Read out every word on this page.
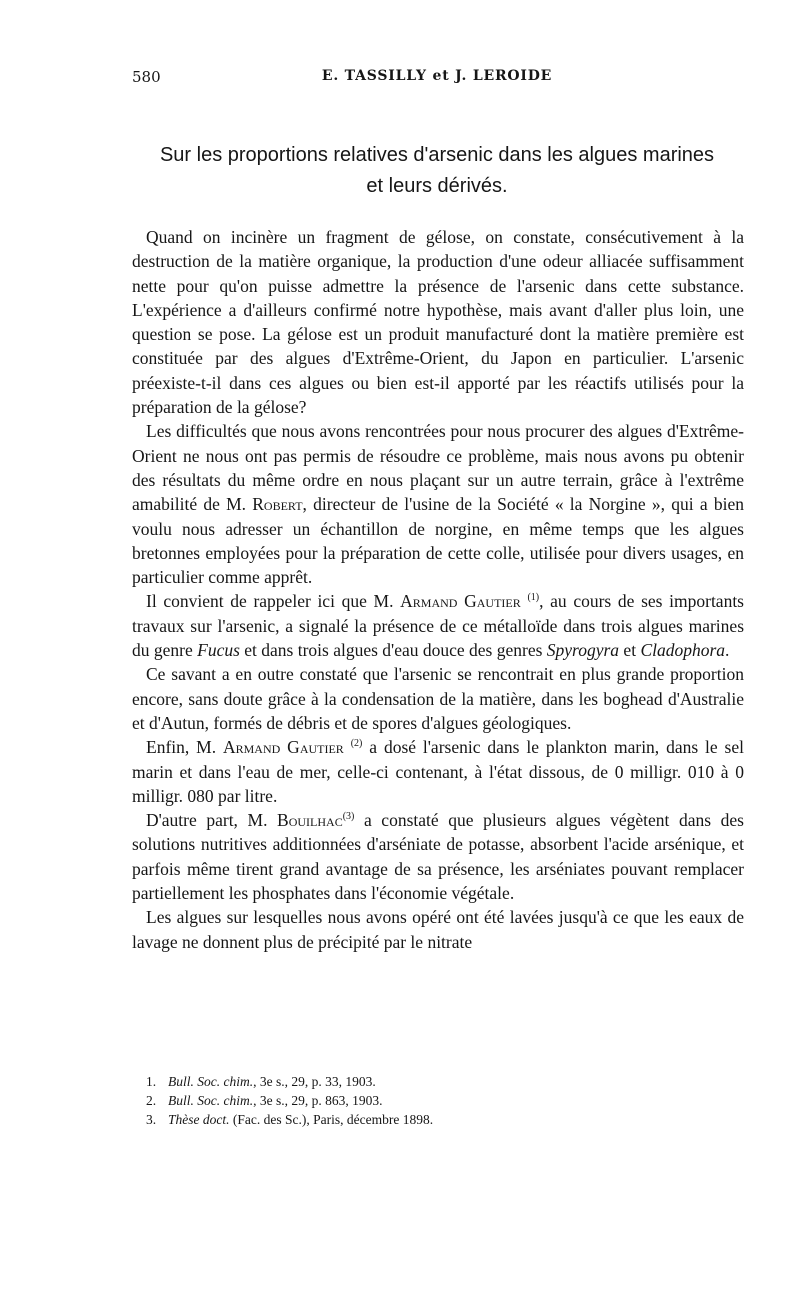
580	E. TASSILLY et J. LEROIDE
Sur les proportions relatives d'arsenic dans les algues marines
et leurs dérivés.

Quand on incinère un fragment de gélose, on constate, consécutivement à la destruction de la matière organique, la production d'une odeur alliacée suffisamment nette pour qu'on puisse admettre la présence de l'arsenic dans cette substance. L'expérience a d'ailleurs confirmé notre hypothèse, mais avant d'aller plus loin, une question se pose. La gélose est un produit manufacturé dont la matière première est constituée par des algues d'Extrême-Orient, du Japon en particulier. L'arsenic préexiste-t-il dans ces algues ou bien est-il apporté par les réactifs utilisés pour la préparation de la gélose?

Les difficultés que nous avons rencontrées pour nous procurer des algues d'Extrême-Orient ne nous ont pas permis de résoudre ce problème, mais nous avons pu obtenir des résultats du même ordre en nous plaçant sur un autre terrain, grâce à l'extrême amabilité de M. Robert, directeur de l'usine de la Société « la Norgine », qui a bien voulu nous adresser un échantillon de norgine, en même temps que les algues bretonnes employées pour la préparation de cette colle, utilisée pour divers usages, en particulier comme apprêt.

Il convient de rappeler ici que M. Armand Gautier $^{(1)}$, au cours de ses importants travaux sur l'arsenic, a signalé la présence de ce métalloïde dans trois algues marines du genre Fucus et dans trois algues d'eau douce des genres Spyrogyra et Cladophora.

Ce savant a en outre constaté que l'arsenic se rencontrait en plus grande proportion encore, sans doute grâce à la condensation de la matière, dans les boghead d'Australie et d'Autun, formés de débris et de spores d'algues géologiques.

Enfin, M. Armand Gautier $^{(2)}$ a dosé l'arsenic dans le plankton marin, dans le sel marin et dans l'eau de mer, celle-ci contenant, à l'état dissous, de 0 milligr. 010 à 0 milligr. 080 par litre.

D'autre part, M. Bouilhac$^{(3)}$ a constaté que plusieurs algues végètent dans des solutions nutritives additionnées d'arséniate de potasse, absorbent l'acide arsénique, et parfois même tirent grand avantage de sa présence, les arséniates pouvant remplacer partiellement les phosphates dans l'économie végétale.

Les algues sur lesquelles nous avons opéré ont été lavées jusqu'à ce que les eaux de lavage ne donnent plus de précipité par le nitrate

1. Bull. Soc. chim., 3e s., 29, p. 33, 1903.
2. Bull. Soc. chim., 3e s., 29, p. 863, 1903.
3. Thèse doct. (Fac. des Sc.), Paris, décembre 1898.
